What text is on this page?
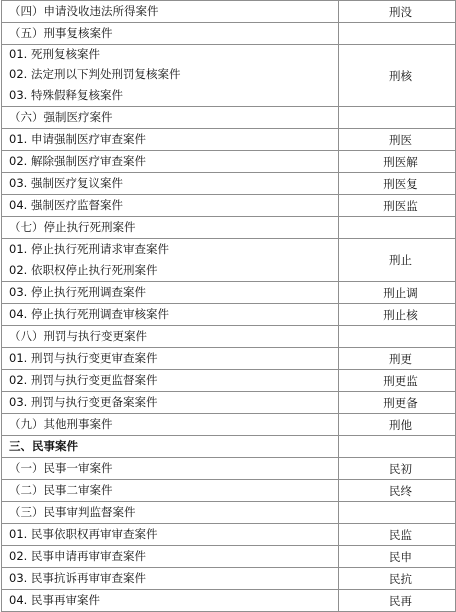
（四）申请没收违法所得案件	刑没

（五）刑事复核案件	

01. 死刑复核案件
02. 法定刑以下判处刑罚复核案件
03. 特殊假释复核案件	刑核

（六）强制医疗案件	

01. 申请强制医疗审查案件	刑医

02. 解除强制医疗审查案件	刑医解

03. 强制医疗复议案件	刑医复

04. 强制医疗监督案件	刑医监

（七）停止执行死刑案件	

01. 停止执行死刑请求审查案件
02. 依职权停止执行死刑案件	刑止

03. 停止执行死刑调查案件	刑止调

04. 停止执行死刑调查审核案件	刑止核

（八）刑罚与执行变更案件	

01. 刑罚与执行变更审查案件	刑更

02. 刑罚与执行变更监督案件	刑更监

03. 刑罚与执行变更备案案件	刑更备

（九）其他刑事案件	刑他

三、民事案件	

（一）民事一审案件	民初

（二）民事二审案件	民终

（三）民事审判监督案件	

01. 民事依职权再审审查案件	民监

02. 民事申请再审审查案件	民申

03. 民事抗诉再审审查案件	民抗

04. 民事再审案件	民再
